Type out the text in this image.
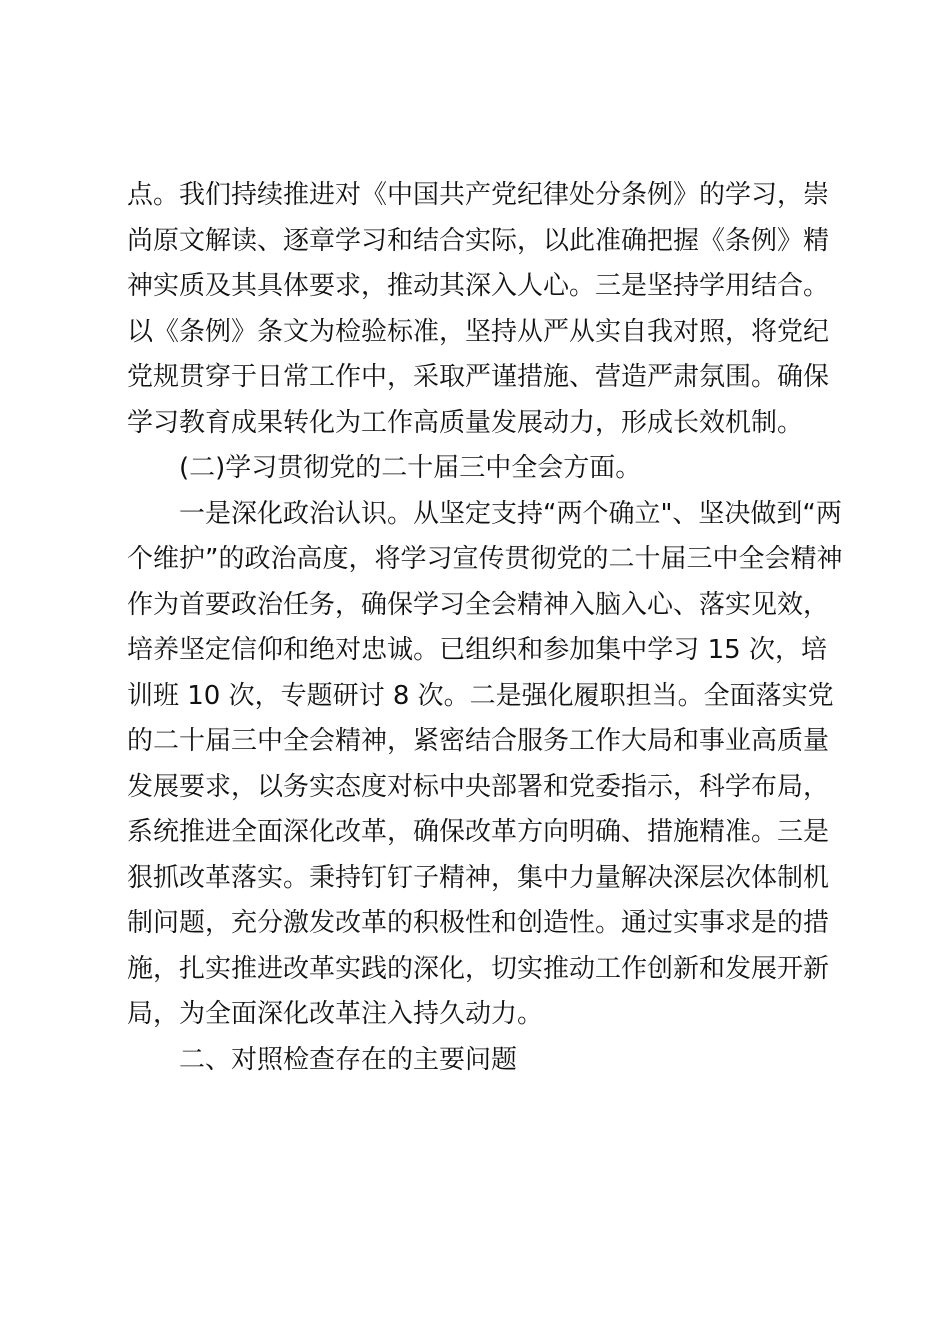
点。我们持续推进对《中国共产党纪律处分条例》的学习，崇
尚原文解读、逐章学习和结合实际，以此准确把握《条例》精
神实质及其具体要求，推动其深入人心。三是坚持学用结合。
以《条例》条文为检验标准，坚持从严从实自我对照，将党纪
党规贯穿于日常工作中，采取严谨措施、营造严肃氛围。确保
学习教育成果转化为工作高质量发展动力，形成长效机制。
(二)学习贯彻党的二十届三中全会方面。
一是深化政治认识。从坚定支持“两个确立"、坚决做到“两
个维护”的政治高度，将学习宣传贯彻党的二十届三中全会精神
作为首要政治任务，确保学习全会精神入脑入心、落实见效，
培养坚定信仰和绝对忠诚。已组织和参加集中学习 15 次，培
训班 10 次，专题研讨 8 次。二是强化履职担当。全面落实党
的二十届三中全会精神，紧密结合服务工作大局和事业高质量
发展要求，以务实态度对标中央部署和党委指示，科学布局，
系统推进全面深化改革，确保改革方向明确、措施精准。三是
狠抓改革落实。秉持钉钉子精神，集中力量解决深层次体制机
制问题，充分激发改革的积极性和创造性。通过实事求是的措
施，扎实推进改革实践的深化，切实推动工作创新和发展开新
局，为全面深化改革注入持久动力。
二、对照检查存在的主要问题
